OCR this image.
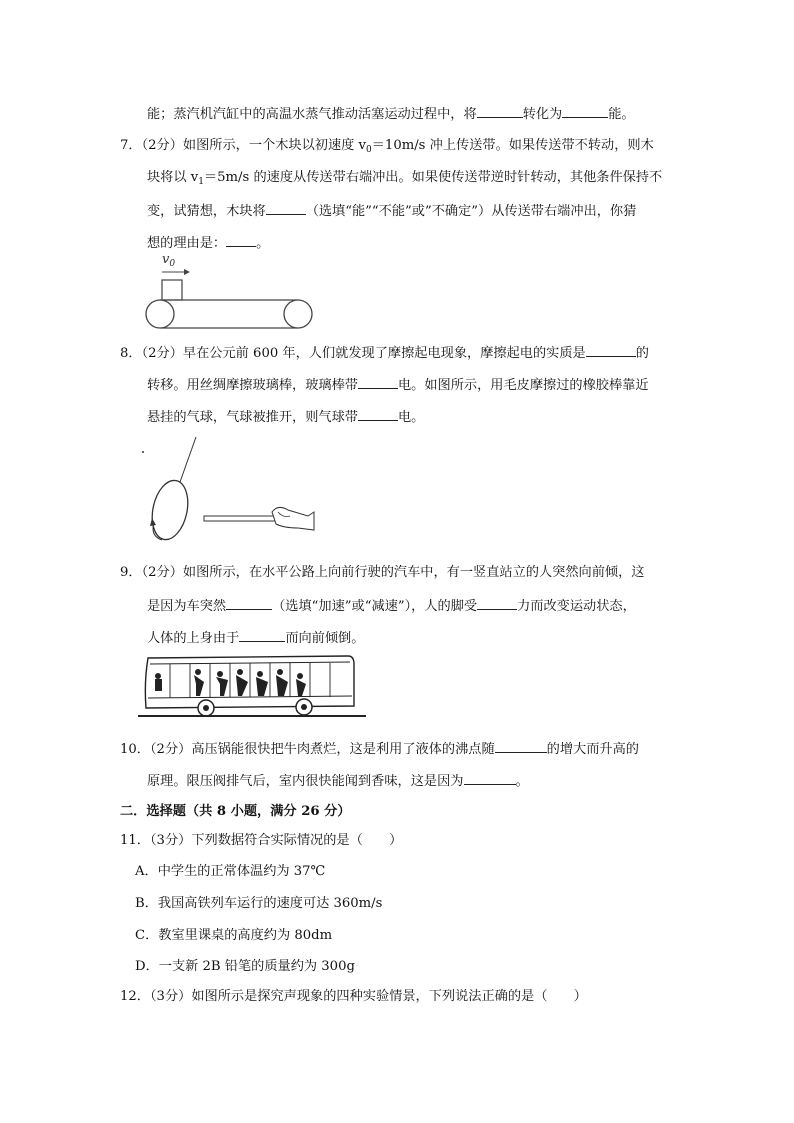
能；蒸汽机汽缸中的高温水蒸气推动活塞运动过程中，将	转化为	能。
7．（2分）如图所示，一个木块以初速度 $v_0=10m/s$ 冲上传送带。如果传送带不转动，则木
块将以 $v_1=5m/s$ 的速度从传送带右端冲出。如果使传送带逆时针转动，其他条件保持不
变，试猜想，木块将	（选填“能”“不能”或”不确定”）从传送带右端冲出，你猜
想的理由是： 。
$v_0$
8．（2分）早在公元前 600 年，人们就发现了摩擦起电现象，摩擦起电的实质是	的
转移。用丝绸摩擦玻璃棒，玻璃棒带	电。如图所示，用毛皮摩擦过的橡胶棒靠近
悬挂的气球，气球被推开，则气球带	电。
9．（2分）如图所示，在水平公路上向前行驶的汽车中，有一竖直站立的人突然向前倾，这
是因为车突然	（选填“加速”或“减速”），人的脚受	力而改变运动状态，
人体的上身由于	而向前倾倒。
10．（2分）高压锅能很快把牛肉煮烂，这是利用了液体的沸点随	的增大而升高的
原理。限压阀排气后，室内很快能闻到香味，这是因为	。
二．选择题（共 8 小题，满分 26 分）
11．（3分）下列数据符合实际情况的是（　　）
A．中学生的正常体温约为 37℃
B．我国高铁列车运行的速度可达 360m/s
C．教室里课桌的高度约为 80dm
D．一支新 2B 铅笔的质量约为 300g
12．（3分）如图所示是探究声现象的四种实验情景，下列说法正确的是（　　）
